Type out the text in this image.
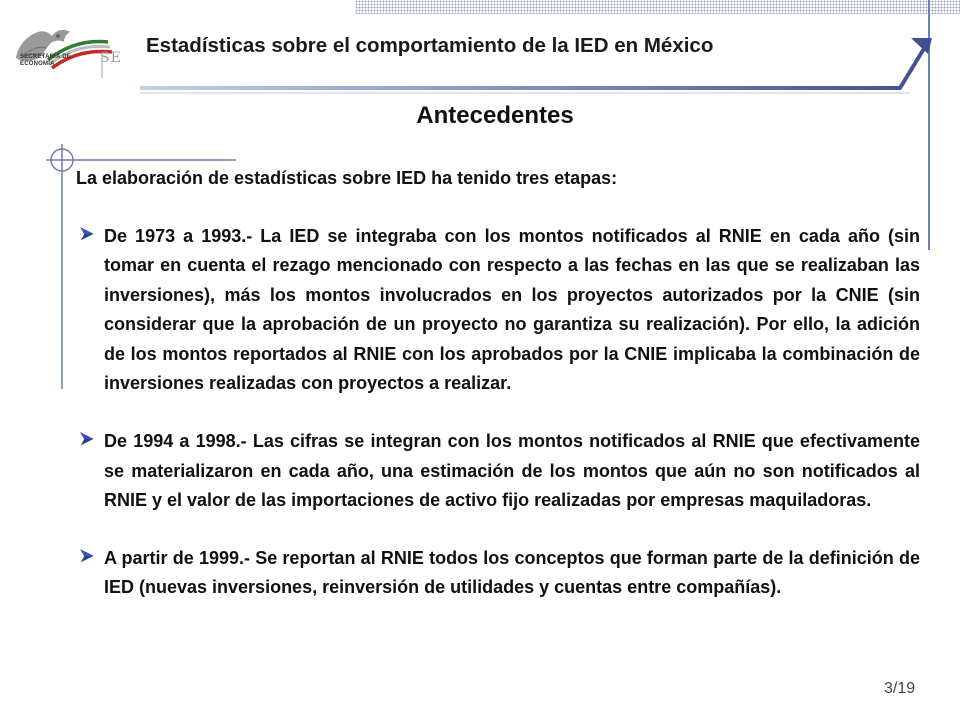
SECRETARÍA DE
ECONOMÍA	SE
Estadísticas sobre el comportamiento de la IED en México
Antecedentes
La elaboración de estadísticas sobre IED ha tenido tres etapas:
De 1973 a 1993.- La IED se integraba con los montos notificados al RNIE en cada año (sin tomar en cuenta el rezago mencionado con respecto a las fechas en las que se realizaban las inversiones), más los montos involucrados en los proyectos autorizados por la CNIE (sin considerar que la aprobación de un proyecto no garantiza su realización). Por ello, la adición de los montos reportados al RNIE con los aprobados por la CNIE implicaba la combinación de inversiones realizadas con proyectos a realizar.
De 1994 a 1998.- Las cifras se integran con los montos notificados al RNIE que efectivamente se materializaron en cada año, una estimación de los montos que aún no son notificados al RNIE y el valor de las importaciones de activo fijo realizadas por empresas maquiladoras.
A partir de 1999.- Se reportan al RNIE todos los conceptos que forman parte de la definición de IED (nuevas inversiones, reinversión de utilidades y cuentas entre compañías).
3/19
